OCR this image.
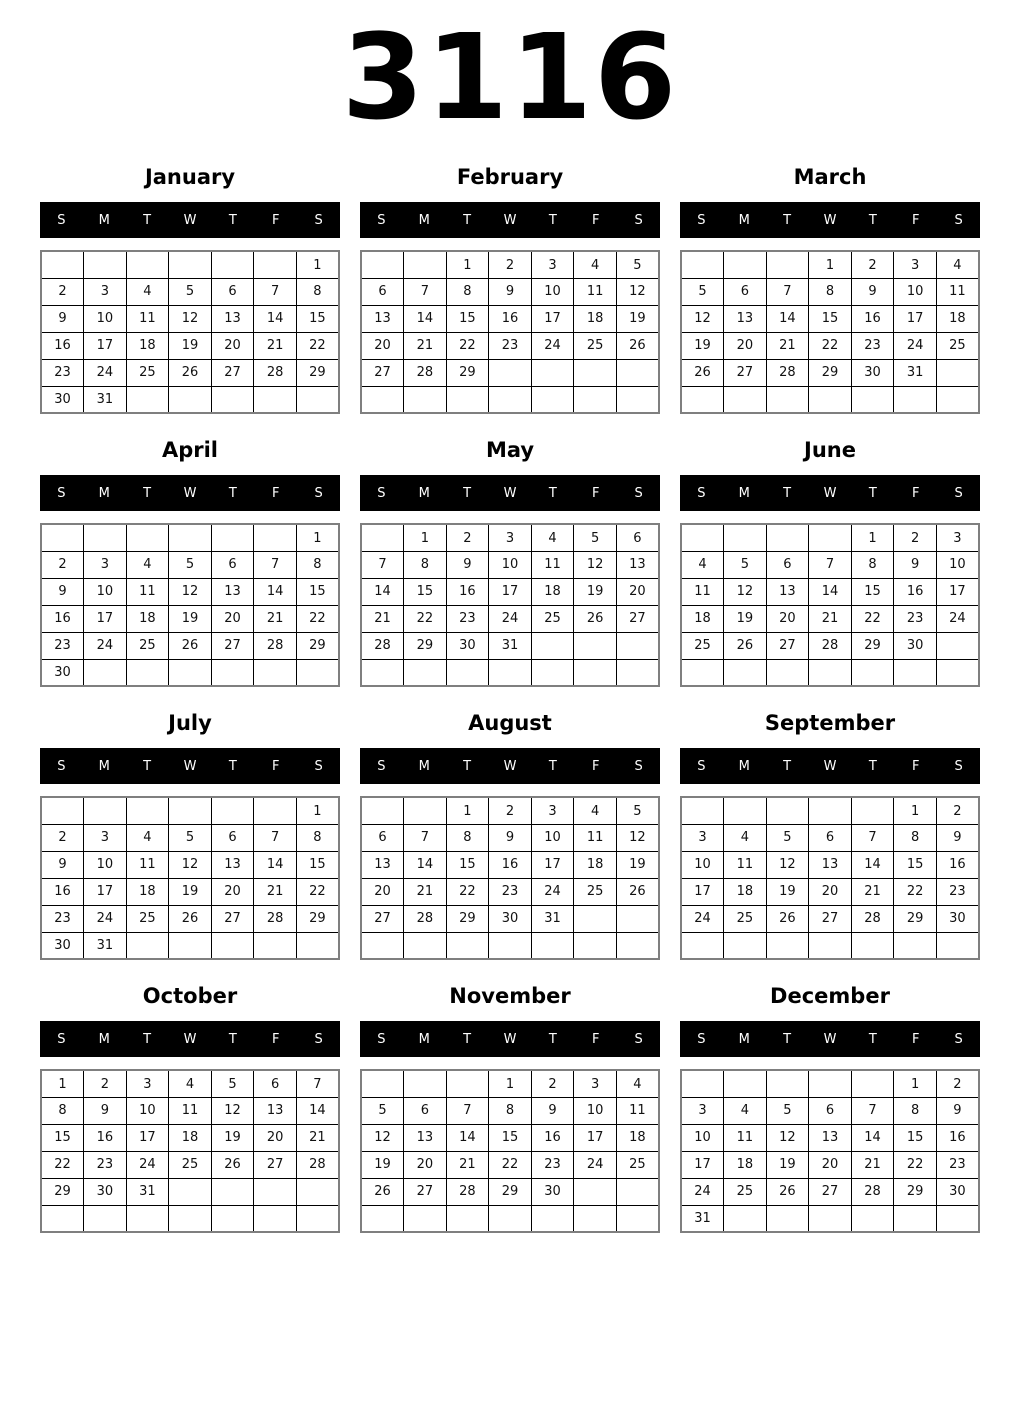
3116
January
S	M	T	W	T	F	S
						1
2	3	4	5	6	7	8
9	10	11	12	13	14	15
16	17	18	19	20	21	22
23	24	25	26	27	28	29
30	31					
February
S	M	T	W	T	F	S
		1	2	3	4	5
6	7	8	9	10	11	12
13	14	15	16	17	18	19
20	21	22	23	24	25	26
27	28	29				

March
S	M	T	W	T	F	S
			1	2	3	4
5	6	7	8	9	10	11
12	13	14	15	16	17	18
19	20	21	22	23	24	25
26	27	28	29	30	31	

April
S	M	T	W	T	F	S
						1
2	3	4	5	6	7	8
9	10	11	12	13	14	15
16	17	18	19	20	21	22
23	24	25	26	27	28	29
30						
May
S	M	T	W	T	F	S
	1	2	3	4	5	6
7	8	9	10	11	12	13
14	15	16	17	18	19	20
21	22	23	24	25	26	27
28	29	30	31			

June
S	M	T	W	T	F	S
				1	2	3
4	5	6	7	8	9	10
11	12	13	14	15	16	17
18	19	20	21	22	23	24
25	26	27	28	29	30	

July
S	M	T	W	T	F	S
						1
2	3	4	5	6	7	8
9	10	11	12	13	14	15
16	17	18	19	20	21	22
23	24	25	26	27	28	29
30	31					
August
S	M	T	W	T	F	S
		1	2	3	4	5
6	7	8	9	10	11	12
13	14	15	16	17	18	19
20	21	22	23	24	25	26
27	28	29	30	31		

September
S	M	T	W	T	F	S
					1	2
3	4	5	6	7	8	9
10	11	12	13	14	15	16
17	18	19	20	21	22	23
24	25	26	27	28	29	30

October
S	M	T	W	T	F	S
1	2	3	4	5	6	7
8	9	10	11	12	13	14
15	16	17	18	19	20	21
22	23	24	25	26	27	28
29	30	31				

November
S	M	T	W	T	F	S
			1	2	3	4
5	6	7	8	9	10	11
12	13	14	15	16	17	18
19	20	21	22	23	24	25
26	27	28	29	30		

December
S	M	T	W	T	F	S
					1	2
3	4	5	6	7	8	9
10	11	12	13	14	15	16
17	18	19	20	21	22	23
24	25	26	27	28	29	30
31						
